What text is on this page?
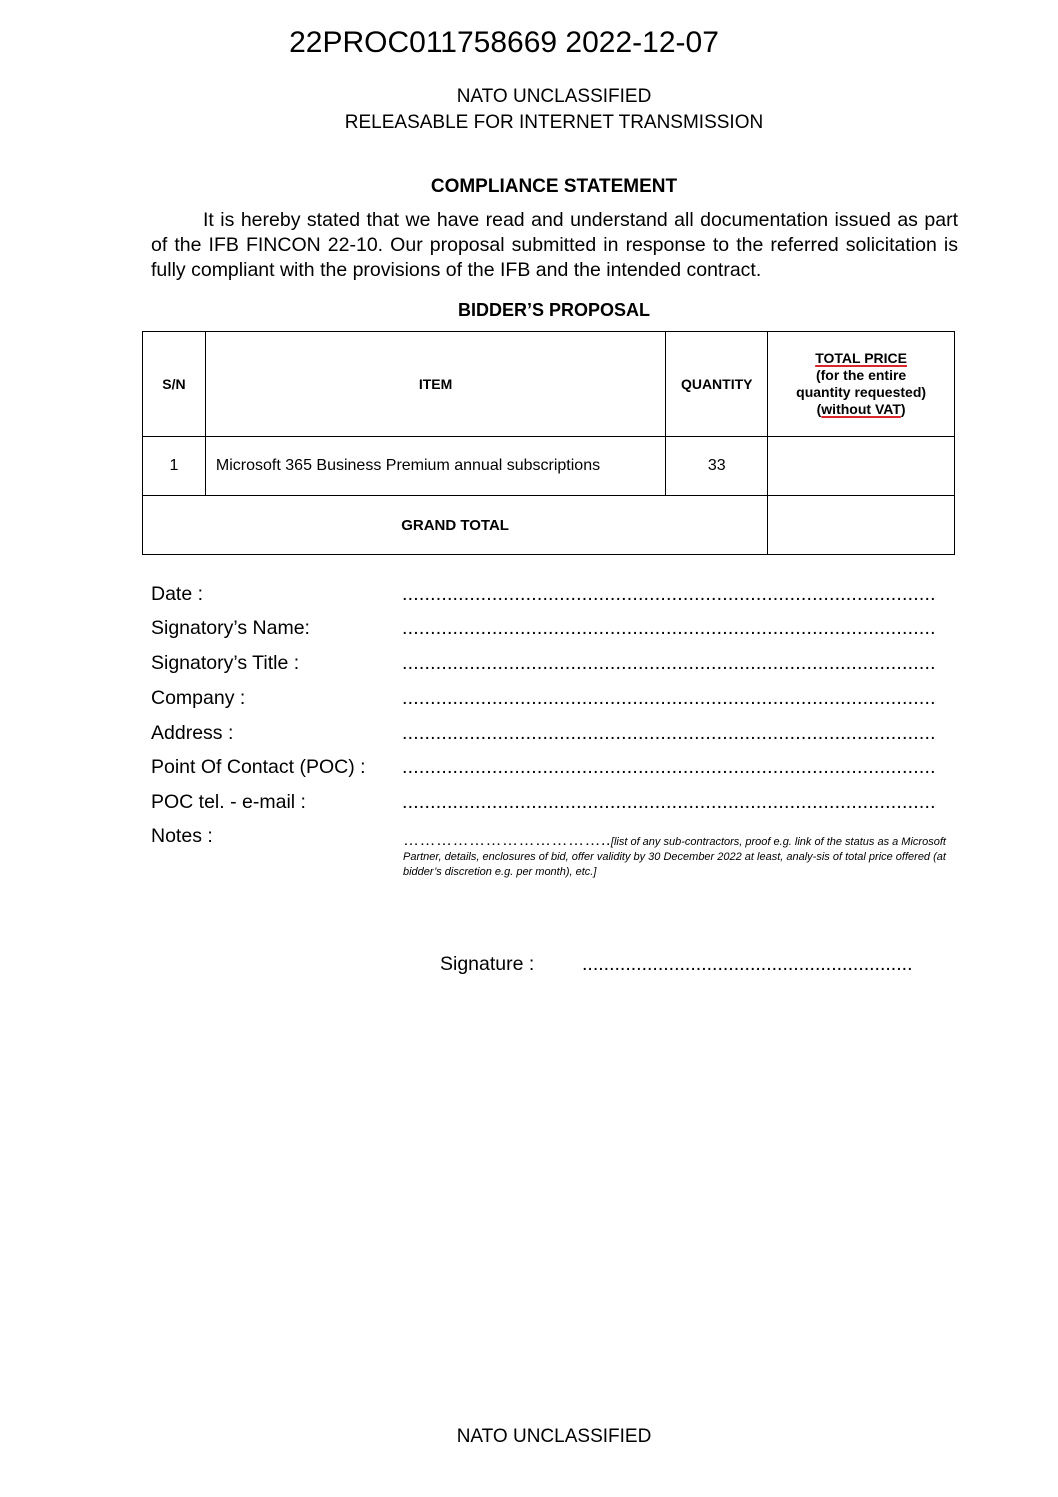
22PROC011758669 2022-12-07
NATO UNCLASSIFIED
RELEASABLE FOR INTERNET TRANSMISSION
COMPLIANCE STATEMENT
It is hereby stated that we have read and understand all documentation issued as part of the IFB FINCON 22-10. Our proposal submitted in response to the referred solicitation is fully compliant with the provisions of the IFB and the intended contract.
BIDDER’S PROPOSAL
S/N	ITEM	QUANTITY	TOTAL PRICE
(for the entire
quantity requested)
(without VAT)

1	Microsoft 365 Business Premium annual subscriptions	33	
GRAND TOTAL			
Date :	...............................................................................................
Signatory’s Name:	...............................................................................................
Signatory’s Title :	...............................................................................................
Company :	...............................................................................................
Address :	...............................................................................................
Point Of Contact (POC) : ...............................................................................................
POC tel. - e-mail :	...............................................................................................
Notes :	………………………………..[list of any sub-contractors, proof e.g. link of the status as a Microsoft Partner, details, enclosures of bid, offer validity by 30 December 2022 at least, analy-sis of total price offered (at bidder’s discretion e.g. per month), etc.]
Signature : .............................................................
NATO UNCLASSIFIED
